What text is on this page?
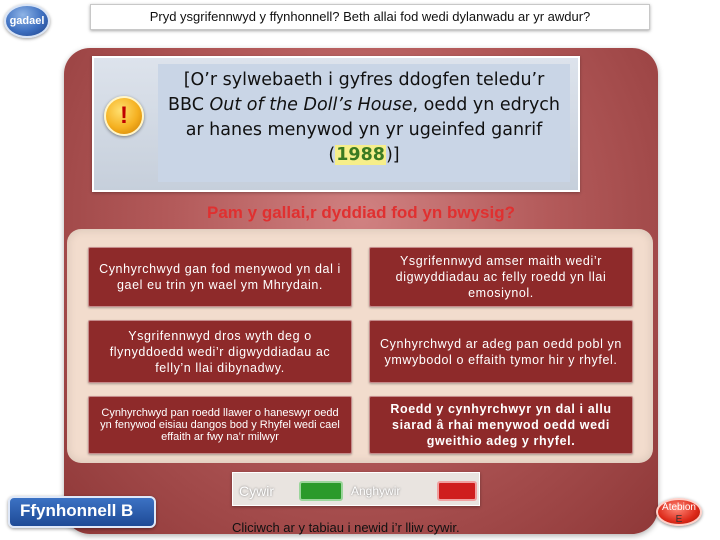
gadael	Pryd ysgrifennwyd y ffynhonnell? Beth allai fod wedi dylanwadu ar yr awdur?
[O’r sylwebaeth i gyfres ddogfen teledu’r
BBC Out of the Doll’s House, oedd yn edrych
ar hanes menywod yn yr ugeinfed ganrif
(1988)]
!
Pam y gallai,r dyddiad fod yn bwysig?
Cynhyrchwyd gan fod menywod yn dal i gael eu trin yn wael ym Mhrydain.
Ysgrifennwyd amser maith wedi’r digwyddiadau ac felly roedd yn llai emosiynol.
Ysgrifennwyd dros wyth deg o flynyddoedd wedi’r digwyddiadau ac felly’n llai dibynadwy.
Cynhyrchwyd ar adeg pan oedd pobl yn ymwybodol o effaith tymor hir y rhyfel.
Cynhyrchwyd pan roedd llawer o haneswyr oedd yn fenywod eisiau dangos bod y Rhyfel wedi cael effaith ar fwy na’r milwyr
Roedd y cynhyrchwyr yn dal i allu siarad â rhai menywod oedd wedi gweithio adeg y rhyfel.
Cywir	Anghywir
Cliciwch ar y tabiau i newid i’r lliw cywir.
Ffynhonnell B	Atebion
E
